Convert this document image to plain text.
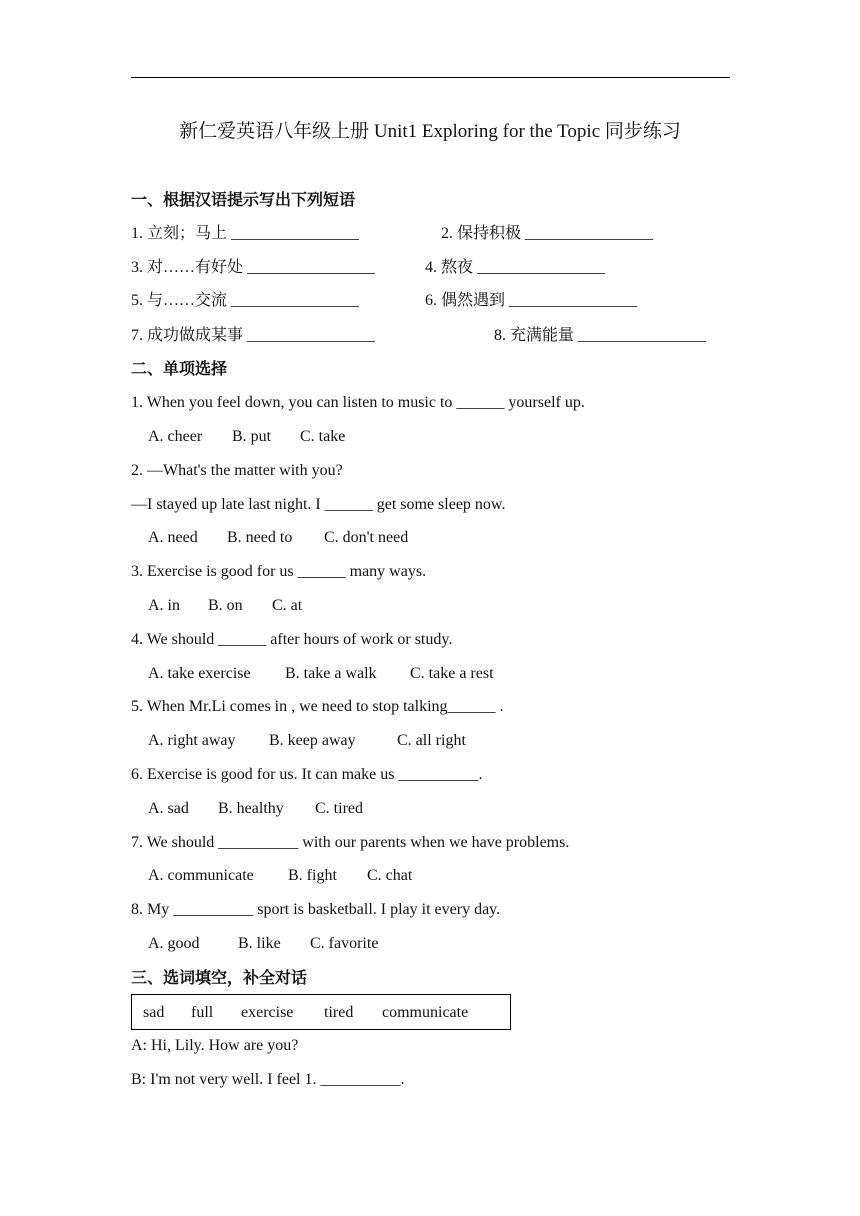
新仁爱英语八年级上册 Unit1 Exploring for the Topic 同步练习
一、根据汉语提示写出下列短语
1. 立刻；马上 ________________	2. 保持积极 ________________
3. 对……有好处 ________________	4. 熬夜 ________________
5. 与……交流 ________________	6. 偶然遇到 ________________
7. 成功做成某事 ________________	8. 充满能量 ________________
二、单项选择
1. When you feel down, you can listen to music to ______ yourself up.
A. cheer B. put C. take
2. —What's the matter with you?
—I stayed up late last night. I ______ get some sleep now.
A. need B. need to C. don't need
3. Exercise is good for us ______ many ways.
A. in B. on C. at
4. We should ______ after hours of work or study.
A. take exercise B. take a walk C. take a rest
5. When Mr.Li comes in , we need to stop talking______ .
A. right away B. keep away	C. all right
6. Exercise is good for us. It can make us __________.
A. sad B. healthy C. tired
7. We should __________ with our parents when we have problems.
A. communicate B. fight C. chat
8. My __________ sport is basketball. I play it every day.
A. good B. like C. favorite
三、选词填空，补全对话
sad full exercise tired communicate
A: Hi, Lily. How are you?
B: I'm not very well. I feel 1. __________.
